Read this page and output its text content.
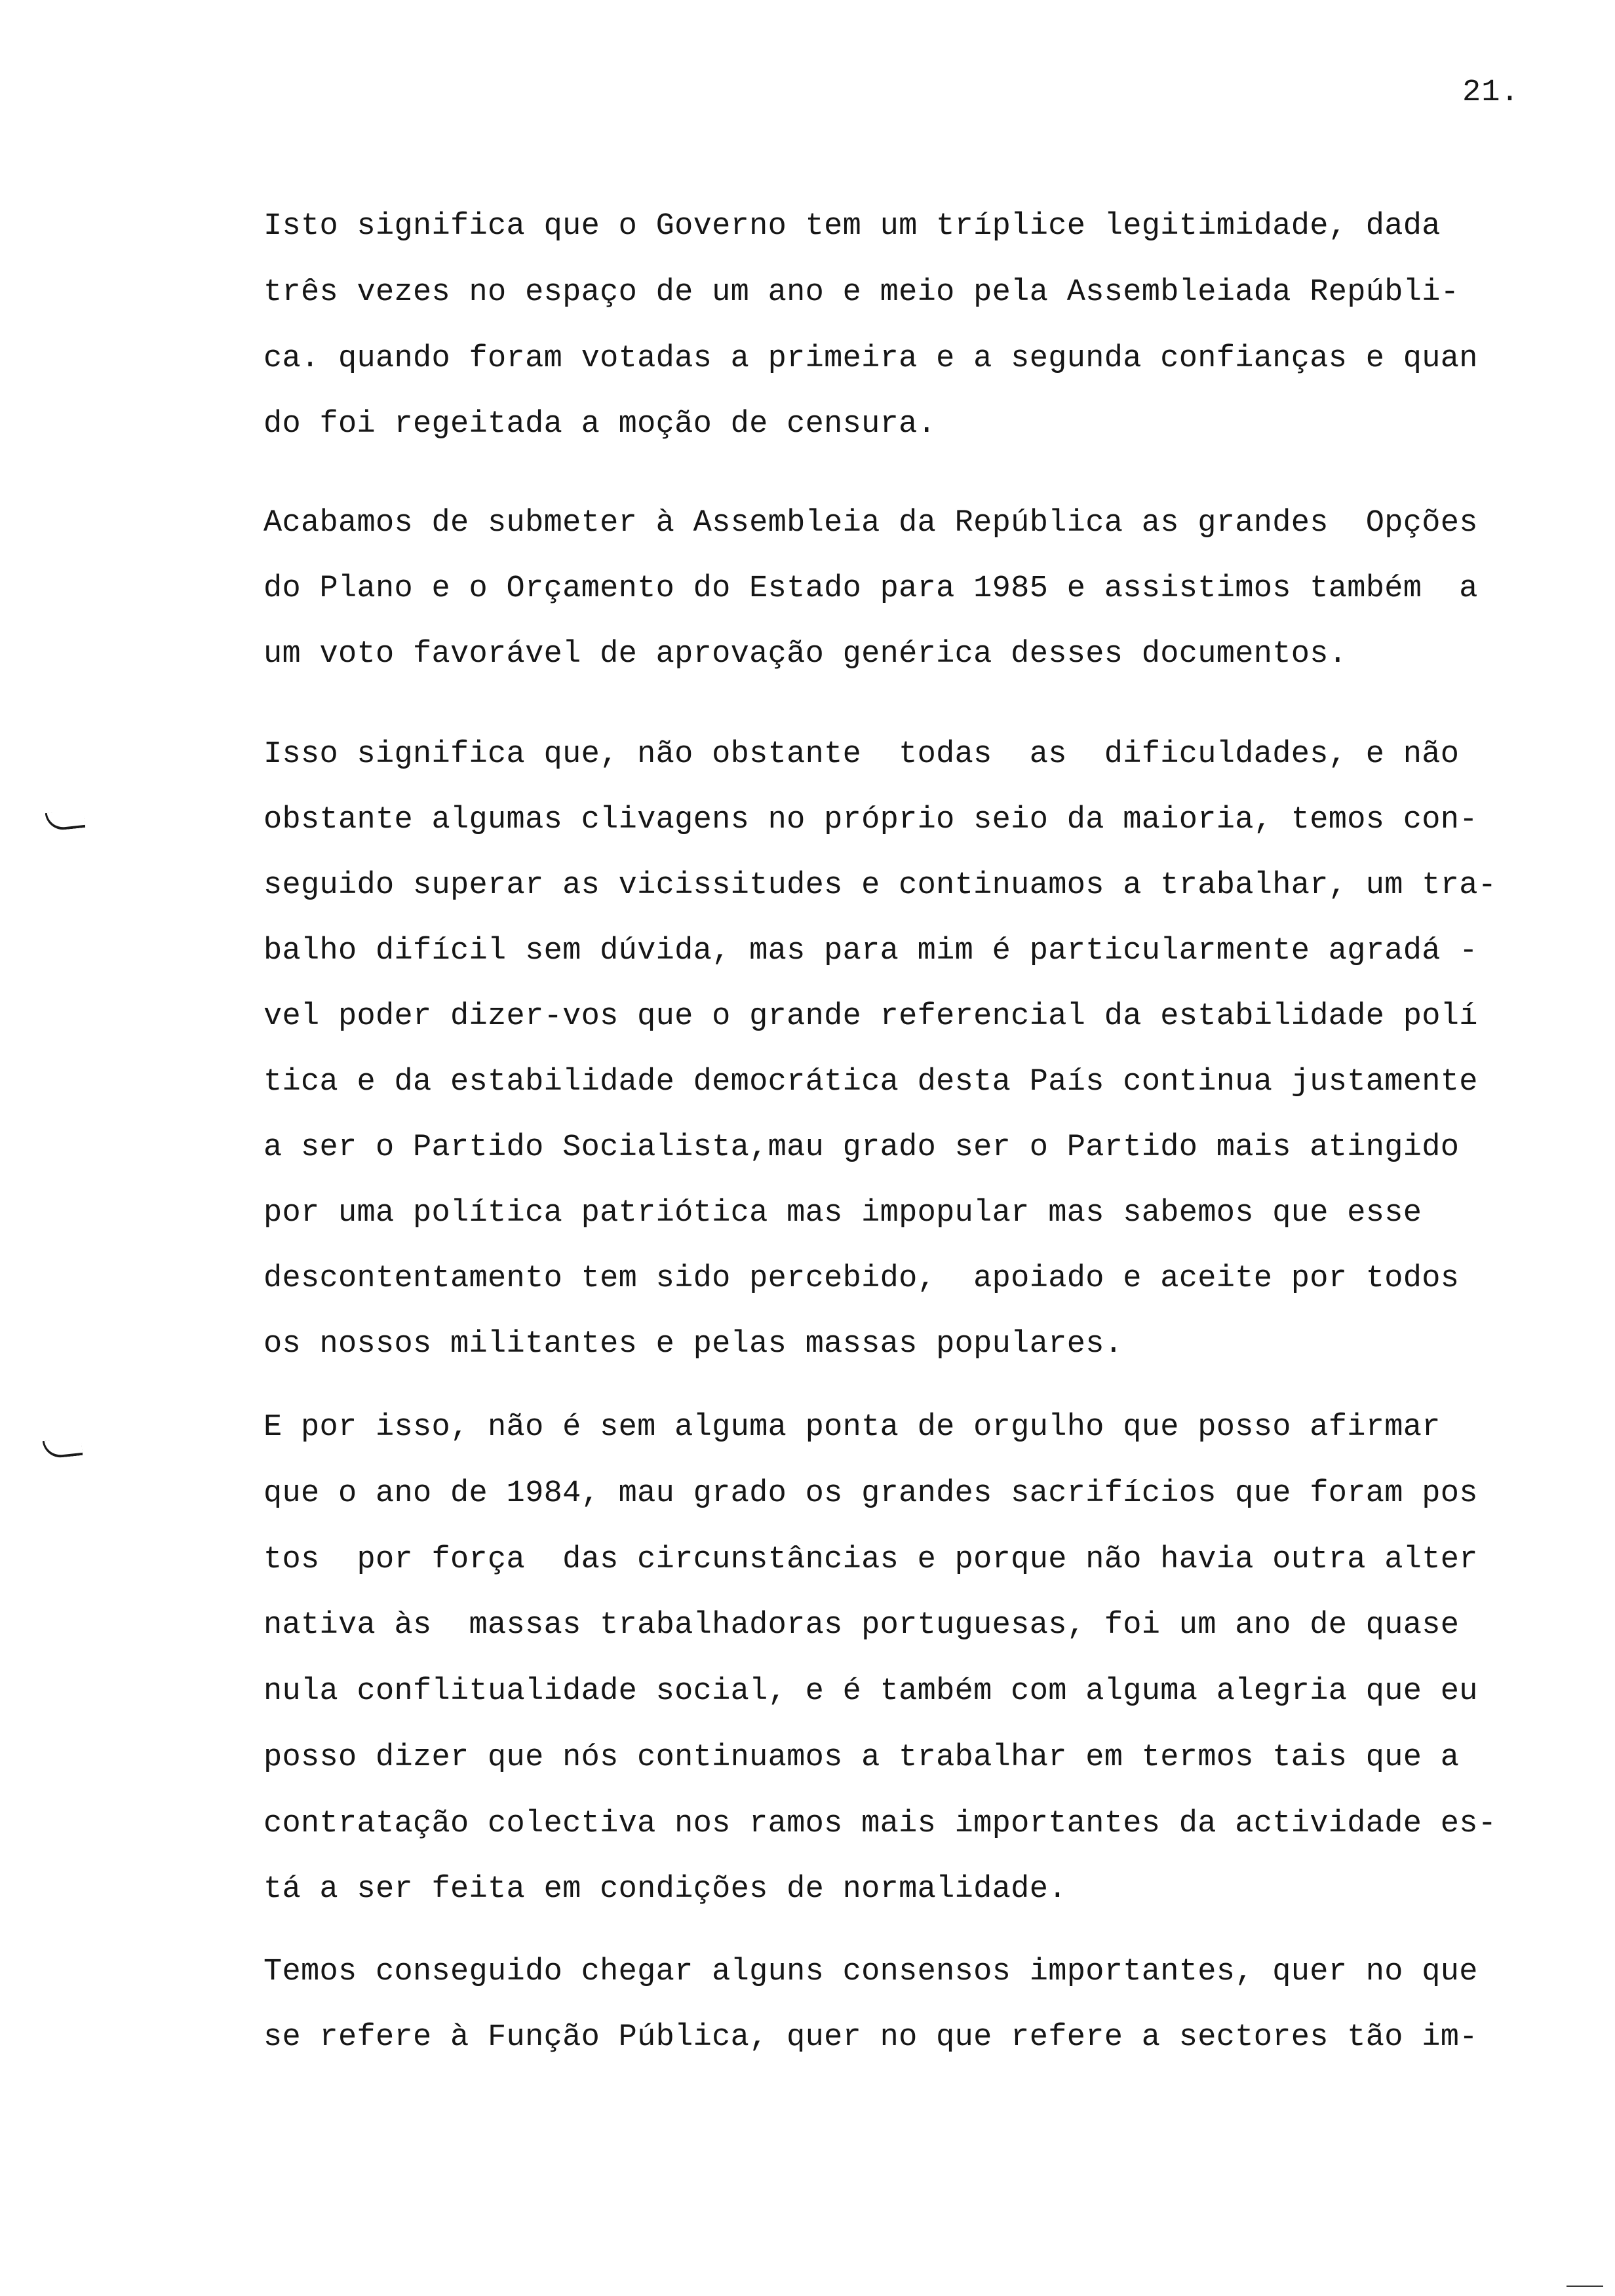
21.
Isto significa que o Governo tem um tríplice legitimidade, dada
três vezes no espaço de um ano e meio pela Assembleiada Repúbli-
ca. quando foram votadas a primeira e a segunda confianças e quan
do foi regeitada a moção de censura.
Acabamos de submeter à Assembleia da República as grandes  Opções
do Plano e o Orçamento do Estado para 1985 e assistimos também  a
um voto favorável de aprovação genérica desses documentos.
Isso significa que, não obstante  todas  as  dificuldades, e não
obstante algumas clivagens no próprio seio da maioria, temos con-
seguido superar as vicissitudes e continuamos a trabalhar, um tra-
balho difícil sem dúvida, mas para mim é particularmente agradá -
vel poder dizer-vos que o grande referencial da estabilidade polí
tica e da estabilidade democrática desta País continua justamente
a ser o Partido Socialista,mau grado ser o Partido mais atingido
por uma política patriótica mas impopular mas sabemos que esse
descontentamento tem sido percebido,  apoiado e aceite por todos
os nossos militantes e pelas massas populares.
E por isso, não é sem alguma ponta de orgulho que posso afirmar
que o ano de 1984, mau grado os grandes sacrifícios que foram pos
tos  por força  das circunstâncias e porque não havia outra alter
nativa às  massas trabalhadoras portuguesas, foi um ano de quase
nula conflitualidade social, e é também com alguma alegria que eu
posso dizer que nós continuamos a trabalhar em termos tais que a
contratação colectiva nos ramos mais importantes da actividade es-
tá a ser feita em condições de normalidade.
Temos conseguido chegar alguns consensos importantes, quer no que
se refere à Função Pública, quer no que refere a sectores tão im-
